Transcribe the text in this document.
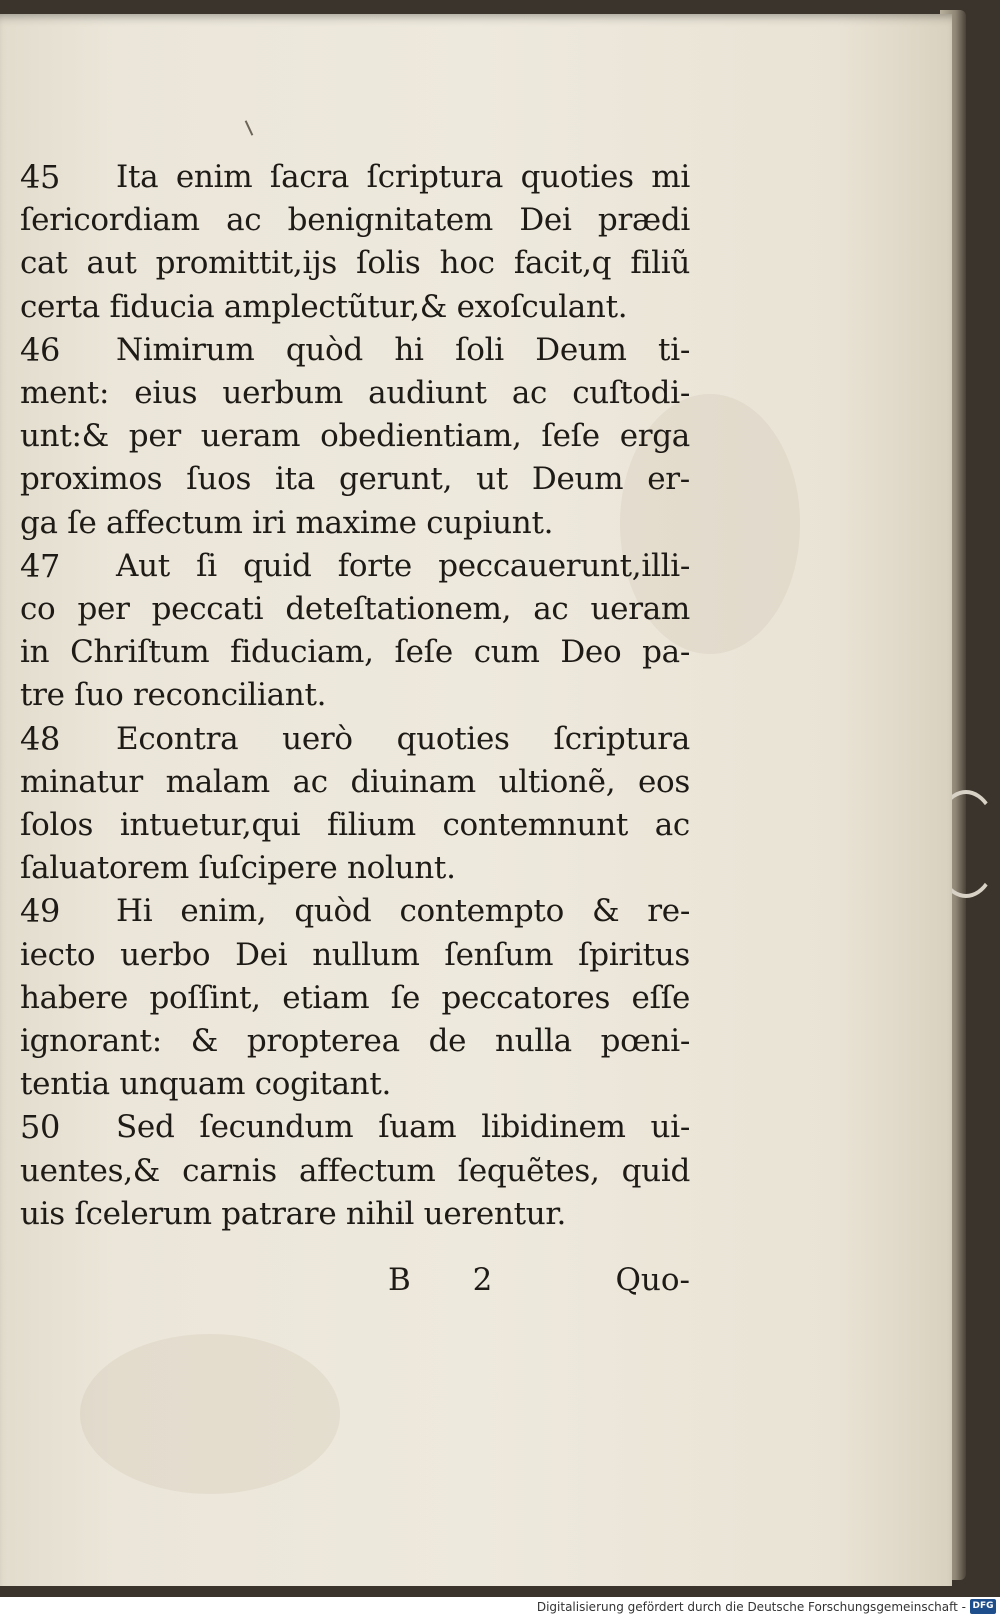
45	Ita enim ſacra ſcriptura quoties mi
ſericordiam ac benignitatem Dei prædi
cat aut promittit,ijs ſolis hoc facit,q filiũ
certa fiducia amplectũtur,& exoſculant.
46	Nimirum quòd hi ſoli Deum ti-
ment: eius uerbum audiunt ac cuſtodi-
unt:& per ueram obedientiam, ſeſe erga
proximos ſuos ita gerunt, ut Deum er-
ga ſe affectum iri maxime cupiunt.
47	Aut ſi quid forte peccauerunt,illi-
co per peccati deteſtationem, ac ueram
in Chriſtum fiduciam, ſeſe cum Deo pa-
tre ſuo reconciliant.
48	Econtra uerò quoties ſcriptura
minatur malam ac diuinam ultionẽ, eos
ſolos intuetur,qui filium contemnunt ac
ſaluatorem ſuſcipere nolunt.
49	Hi enim, quòd contempto & re-
iecto uerbo Dei nullum ſenſum ſpiritus
habere poſſint, etiam ſe peccatores eſſe
ignorant: & propterea de nulla pœni-
tentia unquam cogitant.
50	Sed ſecundum ſuam libidinem ui-
uentes,& carnis affectum ſequẽtes, quid
uis ſcelerum patrare nihil uerentur.
B 2	Quo-
Digitalisierung gefördert durch die Deutsche Forschungsgemeinschaft - DFG
